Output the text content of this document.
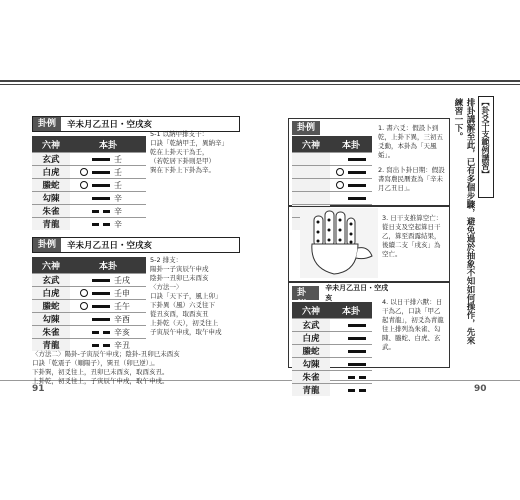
卦例	辛未月乙丑日・空戌亥
六神	本卦
玄武	壬

白虎	壬

螣蛇	壬

勾陳	辛

朱雀	辛

青龍	辛
5-1 以納甲排支干：
口訣「乾納甲壬，異納辛」
乾在上卦天干為壬，
（若乾居下卦則是甲）
巽在下卦上下卦為辛。
卦例	辛未月乙丑日・空戌亥
六神	本卦
玄武	壬戌

白虎	壬申

螣蛇	壬午

勾陳	辛酉

朱雀	辛亥

青龍	辛丑
5-2 排支：
陽卦一子寅辰午申戌
陰卦一丑卯巳未酉亥
〈方法一〉
口訣「天下子，風上卯」
下卦異（風）六爻往下
從丑亥酉，取酉亥丑
上卦乾（天），初爻往上
子寅辰午申戌，取午申戌
〈方法二〉陽卦-子寅辰午申戌；陰卦-丑卯巳未酉亥
口訣「乾震子（順陽子），巽丑（卯巳逆）」。
下卦巽，初爻往上，丑卯巳未酉亥，取酉亥丑。
上卦乾，初爻往上，子寅辰午申戌，取午申戌。
91
【卦爻干支範例講習】
排卦講解至此，已有多個步驟，避免過於抽象不知如何操作，先來練習一下。
卦例
六神	本卦

1. 書六爻：假設卜到乾，上卦下異，三初五爻動，本卦為「天風姤」。
2. 寫出卜卦日期：假設書寫農民曆查為「辛未月乙丑日」。
3. 日干支推算空亡：從日支及空起算日干乙，算至酉露結果，後續二支「戌亥」為空亡。
卦	辛未月乙丑日・空戌亥
六神	本卦
玄武	

白虎	

螣蛇	

勾陳	

朱雀	

青龍	
4. 以日干排六獸：日干為乙，口訣「甲乙起青龍」，初爻為青龍往上排列為朱雀、勾陳、螣蛇、白虎、玄武。
90
